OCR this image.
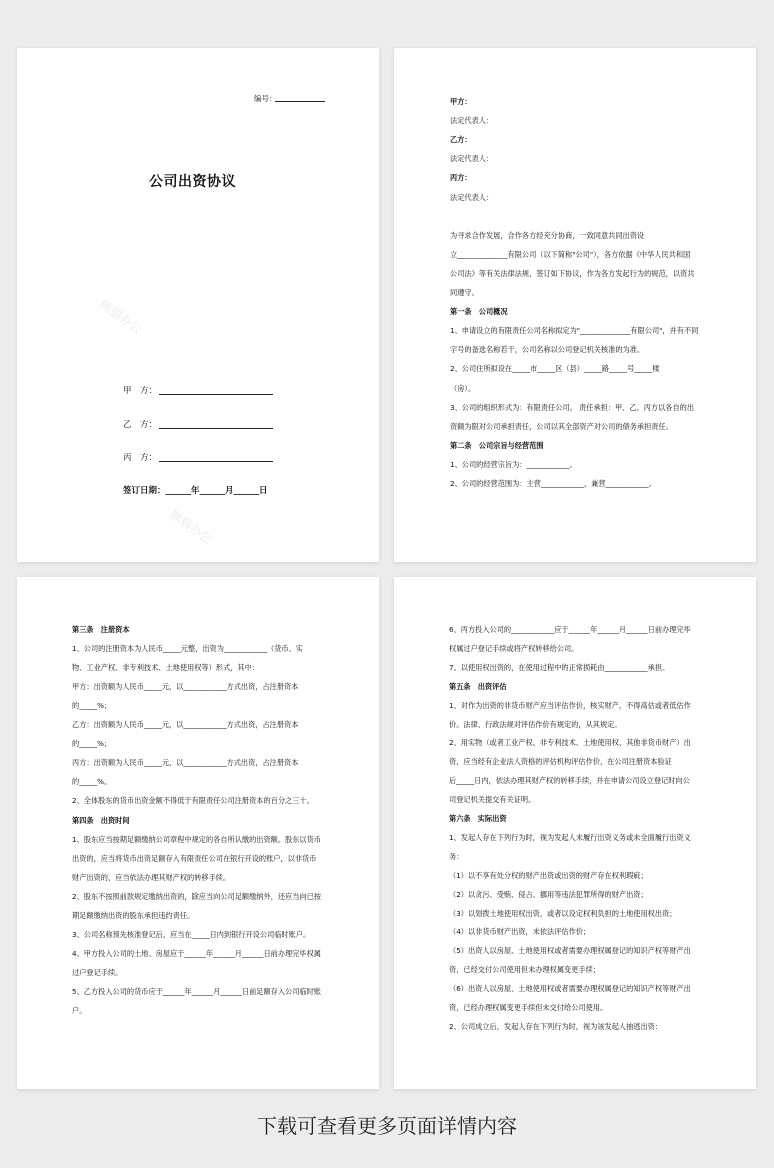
熊猫办公
熊猫办公
编号：
公司出资协议
甲　方：
乙　方：
丙　方：
签订日期：______年______月______日
甲方：
法定代表人：
乙方：
法定代表人：
丙方：
法定代表人：
为寻求合作发展，合作各方经充分协商，一致同意共同出资设
立______________有限公司（以下简称"公司"），各方依据《中华人民共和国
公司法》等有关法律法规，签订如下协议，作为各方发起行为的规范，以资共
同遵守。
第一条　公司概况
1、申请设立的有限责任公司名称拟定为"______________有限公司"，并有不同
字号的备选名称若干，公司名称以公司登记机关核准的为准。
2、公司住所拟设在_____市_____区（县）_____路_____号_____楼
（房）。
3、公司的组织形式为：有限责任公司。 责任承担：甲、乙、丙方以各自的出
资额为限对公司承担责任，公司以其全部资产对公司的债务承担责任。
第二条　公司宗旨与经营范围
1、公司的经营宗旨为：____________。
2、公司的经营范围为：主营____________，兼营____________。
第三条　注册资本
1、公司的注册资本为人民币_____元整，出资为____________（货币、实
物、工业产权、非专利技术、土地使用权等）形式，其中：
甲方：出资额为人民币_____元，以____________方式出资，占注册资本
的_____%；
乙方：出资额为人民币_____元，以____________方式出资，占注册资本
的_____%；
丙方：出资额为人民币_____元，以____________方式出资，占注册资本
的_____%。
2、全体股东的货币出资金额不得低于有限责任公司注册资本的百分之三十。
第四条　出资时间
1、股东应当按期足额缴纳公司章程中规定的各自所认缴的出资额。股东以货币
出资的，应当将货币出资足额存入有限责任公司在银行开设的账户，以非货币
财产出资的，应当依法办理其财产权的转移手续。
2、股东不按照前款规定缴纳出资的，除应当向公司足额缴纳外，还应当向已按
期足额缴纳出资的股东承担违约责任。
3、公司名称预先核准登记后，应当在_____日内到银行开设公司临时账户。
4、甲方投入公司的土地、房屋应于______年______月______日前办理完毕权属
过户登记手续。
5、乙方投入公司的货币应于______年______月______日前足额存入公司临时账
户。
6、丙方投入公司的____________应于______年______月______日前办理完毕
权属过户登记手续或将产权转移给公司。
7、以使用权出资的，在使用过程中的正常损耗由____________承担。
第五条　出资评估
1、对作为出资的非货币财产应当评估作价，核实财产，不得高估或者低估作
价。法律、行政法规对评估作价有规定的，从其规定。
2、用实物（或者工业产权、非专利技术、土地使用权、其他非货币财产）出
资，应当经有企业法人资格的评估机构评估作价，在公司注册资本验证
后_____日内，依法办理其财产权的转移手续，并在申请公司设立登记时向公
司登记机关提交有关证明。
第六条　实际出资
1、发起人存在下列行为时，视为发起人未履行出资义务或未全面履行出资义
务：
（1）以不享有处分权的财产出资或出资的财产存在权利瑕疵；
（2）以贪污、受贿、侵占、挪用等违法犯罪所得的财产出资；
（3）以划拨土地使用权出资，或者以设定权利负担的土地使用权出资；
（4）以非货币财产出资，未依法评估作价；
（5）出资人以房屋、土地使用权或者需要办理权属登记的知识产权等财产出
资，已经交付公司使用但未办理权属变更手续；
（6）出资人以房屋、土地使用权或者需要办理权属登记的知识产权等财产出
资，已经办理权属变更手续但未交付给公司使用。
2、公司成立后，发起人存在下列行为时，视为该发起人抽逃出资：
下载可查看更多页面详情内容
